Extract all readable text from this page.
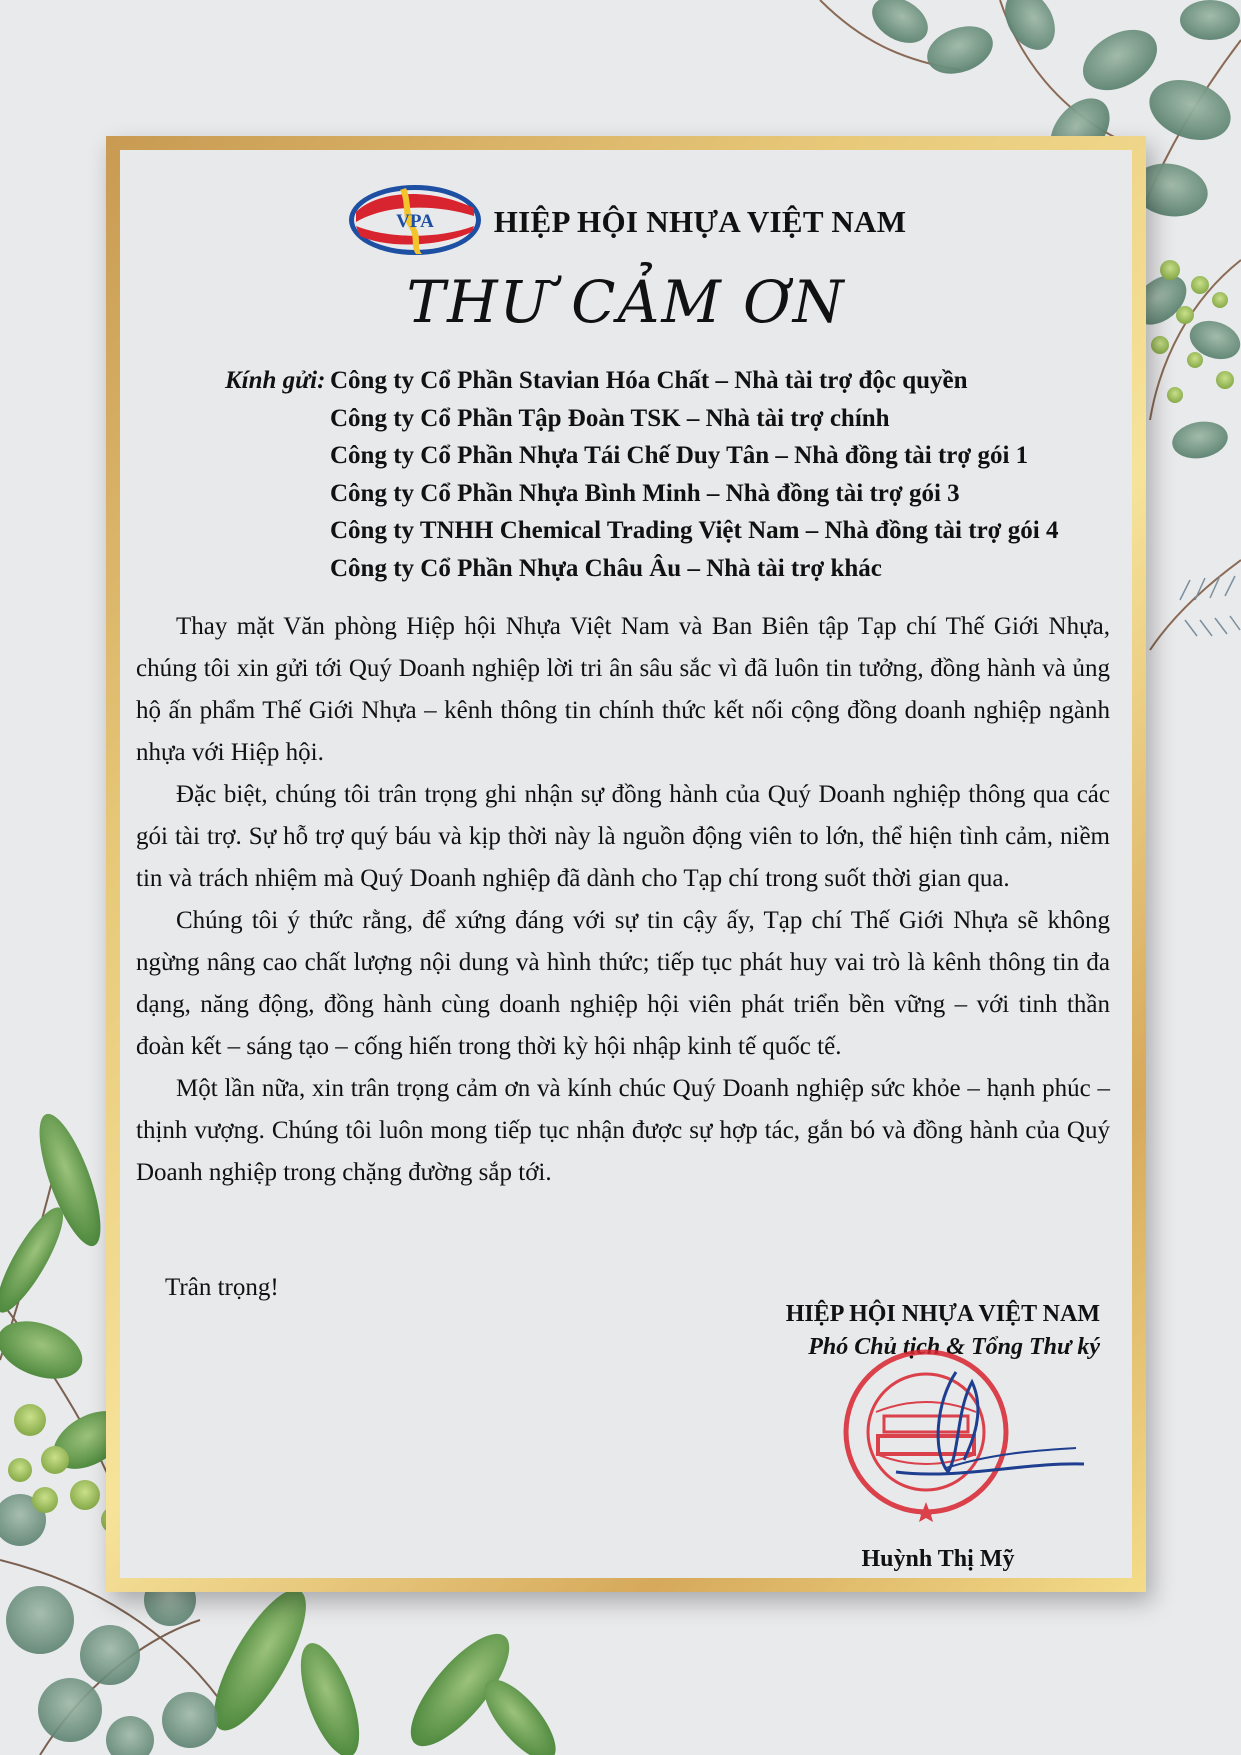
VPA HIỆP HỘI NHỰA VIỆT NAM
THƯ CẢM ƠN
Kính gửi: Công ty Cổ Phần Stavian Hóa Chất – Nhà tài trợ độc quyền
Công ty Cổ Phần Tập Đoàn TSK – Nhà tài trợ chính
Công ty Cổ Phần Nhựa Tái Chế Duy Tân – Nhà đồng tài trợ gói 1
Công ty Cổ Phần Nhựa Bình Minh – Nhà đồng tài trợ gói 3
Công ty TNHH Chemical Trading Việt Nam – Nhà đồng tài trợ gói 4
Công ty Cổ Phần Nhựa Châu Âu – Nhà tài trợ khác

Thay mặt Văn phòng Hiệp hội Nhựa Việt Nam và Ban Biên tập Tạp chí Thế Giới Nhựa, chúng tôi xin gửi tới Quý Doanh nghiệp lời tri ân sâu sắc vì đã luôn tin tưởng, đồng hành và ủng hộ ấn phẩm Thế Giới Nhựa – kênh thông tin chính thức kết nối cộng đồng doanh nghiệp ngành nhựa với Hiệp hội.

Đặc biệt, chúng tôi trân trọng ghi nhận sự đồng hành của Quý Doanh nghiệp thông qua các gói tài trợ. Sự hỗ trợ quý báu và kịp thời này là nguồn động viên to lớn, thể hiện tình cảm, niềm tin và trách nhiệm mà Quý Doanh nghiệp đã dành cho Tạp chí trong suốt thời gian qua.

Chúng tôi ý thức rằng, để xứng đáng với sự tin cậy ấy, Tạp chí Thế Giới Nhựa sẽ không ngừng nâng cao chất lượng nội dung và hình thức; tiếp tục phát huy vai trò là kênh thông tin đa dạng, năng động, đồng hành cùng doanh nghiệp hội viên phát triển bền vững – với tinh thần đoàn kết – sáng tạo – cống hiến trong thời kỳ hội nhập kinh tế quốc tế.

Một lần nữa, xin trân trọng cảm ơn và kính chúc Quý Doanh nghiệp sức khỏe – hạnh phúc – thịnh vượng. Chúng tôi luôn mong tiếp tục nhận được sự hợp tác, gắn bó và đồng hành của Quý Doanh nghiệp trong chặng đường sắp tới.

Trân trọng!
HIỆP HỘI NHỰA VIỆT NAM
Phó Chủ tịch & Tổng Thư ký
Huỳnh Thị Mỹ
